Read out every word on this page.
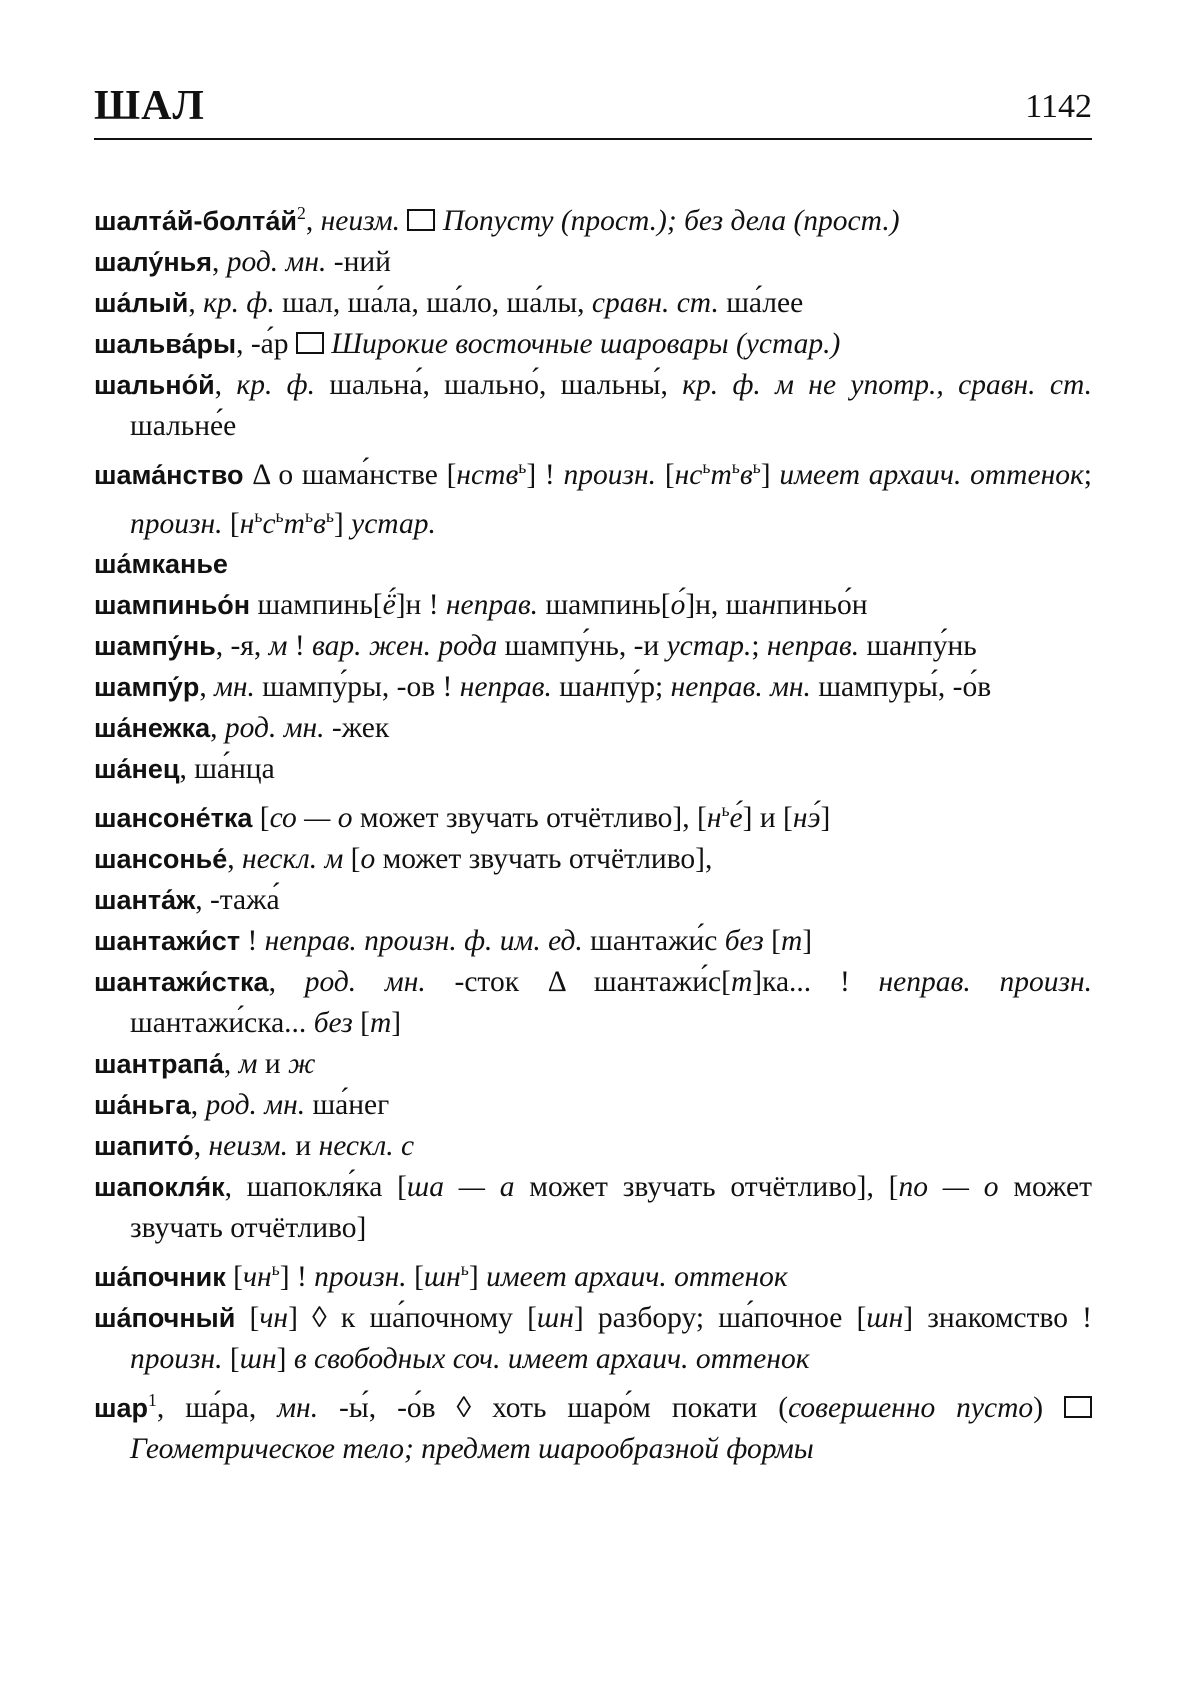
ШАЛ	1142

$шалта́й-болта́й^2$, неизм.  Попусту (прост.); без дела (прост.)

шалу́нья, род. мн. -ний

ша́лый, кр. ф. шал, ша́ла, ша́ло, ша́лы, сравн. ст. ша́лее

шальва́ры, -а́р  Широкие восточные шаровары (устар.)

шально́й, кр. ф. шальна́, шально́, шальны́, кр. ф. м не употр., сравн. ст. шальне́е

шама́нство Δ о шама́нстве [нств$^ь$] ! произн. $[нс^ьт^ьв^ь]$ имеет архаич. оттенок; произн. $[н^ьс^ьт^ьв^ь]$ устар.

ша́мканье

шампиньо́н шампинь[ё́]н ! неправ. шампинь[о́]н, шанпиньо́н

шампу́нь, -я, м ! вар. жен. рода шампу́нь, -и устар.; неправ. шанпу́нь

шампу́р, мн. шампу́ры, -ов ! неправ. шанпу́р; неправ. мн. шампуры́, -о́в

ша́нежка, род. мн. -жек

ша́нец, ша́нца

шансоне́тка [со — о может звучать отчётливо], $[н^ье́]$ и [нэ́]

шансонье́, нескл. м [о может звучать отчётливо],

шанта́ж, -тажа́

шантажи́ст ! неправ. произн. ф. им. ед. шантажи́с без [т]

шантажи́стка, род. мн. -сток Δ шантажи́с[т]ка... ! неправ. произн. шантажи́ска... без [т]

шантрапа́, м и ж

ша́ньга, род. мн. ша́нег

шапито́, неизм. и нескл. с

шапокля́к, шапокля́ка [ша — а может звучать отчётливо], [по — о может звучать отчётливо]

ша́почник $[чн^ь]$ ! произн. $[шн^ь]$ имеет архаич. оттенок

ша́почный [чн] ◊ к ша́почному [шн] разбору; ша́почное [шн] знакомство ! произн. [шн] в свободных соч. имеет архаич. оттенок

шар$^1$, ша́ра, мн. -ы́, -о́в ◊ хоть шаро́м покати (совершенно пусто)  Геометрическое тело; предмет шарообразной формы
